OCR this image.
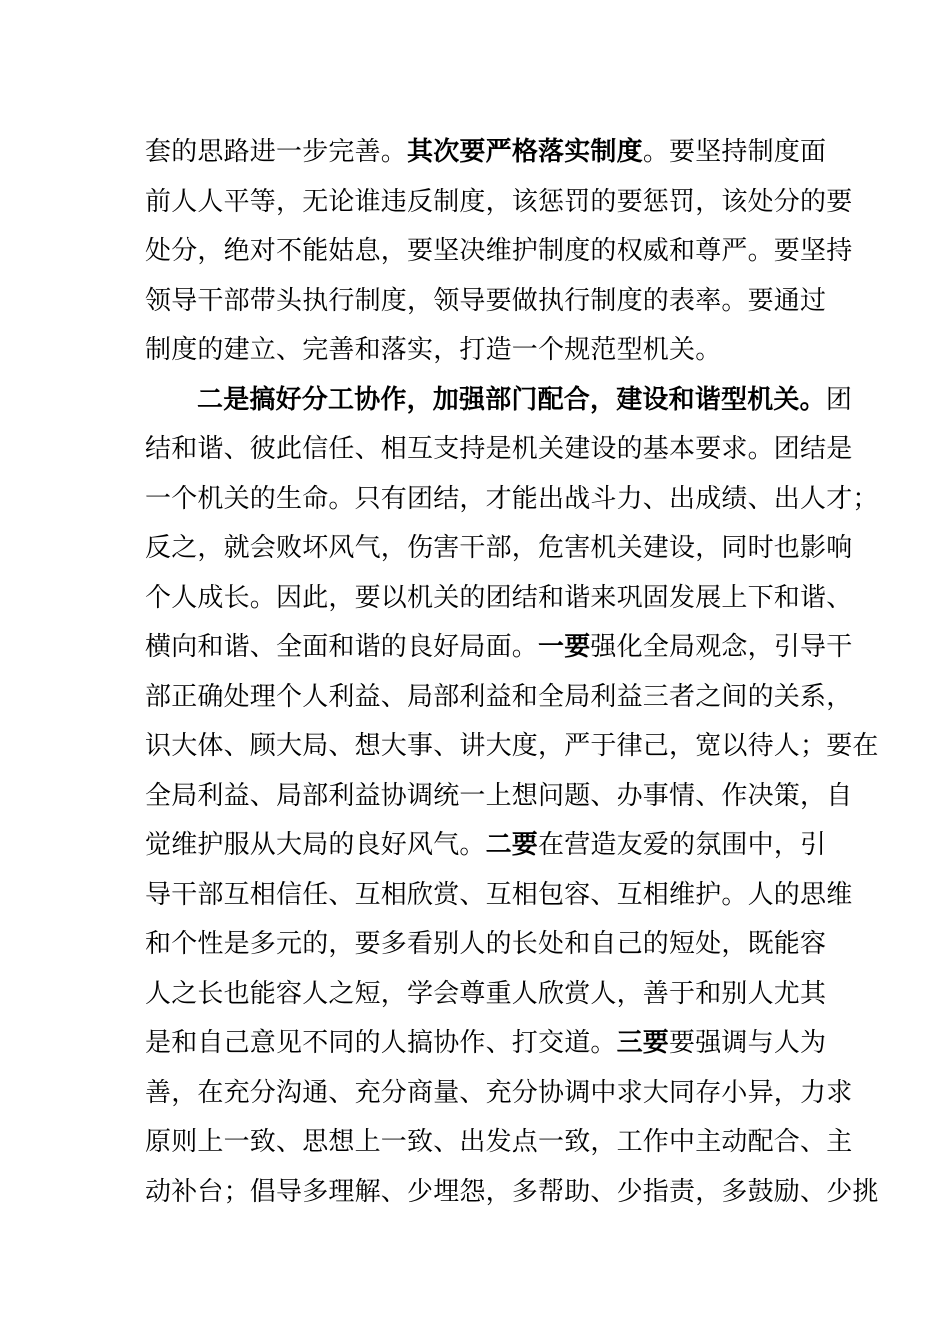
套的思路进一步完善。其次要严格落实制度。要坚持制度面
前人人平等，无论谁违反制度，该惩罚的要惩罚，该处分的要
处分，绝对不能姑息，要坚决维护制度的权威和尊严。要坚持
领导干部带头执行制度，领导要做执行制度的表率。要通过
制度的建立、完善和落实，打造一个规范型机关。
二是搞好分工协作，加强部门配合，建设和谐型机关。团
结和谐、彼此信任、相互支持是机关建设的基本要求。团结是
一个机关的生命。只有团结，才能出战斗力、出成绩、出人才；
反之，就会败坏风气，伤害干部，危害机关建设，同时也影响
个人成长。因此，要以机关的团结和谐来巩固发展上下和谐、
横向和谐、全面和谐的良好局面。一要强化全局观念，引导干
部正确处理个人利益、局部利益和全局利益三者之间的关系，
识大体、顾大局、想大事、讲大度，严于律己，宽以待人；要在
全局利益、局部利益协调统一上想问题、办事情、作决策，自
觉维护服从大局的良好风气。二要在营造友爱的氛围中，引
导干部互相信任、互相欣赏、互相包容、互相维护。人的思维
和个性是多元的，要多看别人的长处和自己的短处，既能容
人之长也能容人之短，学会尊重人欣赏人，善于和别人尤其
是和自己意见不同的人搞协作、打交道。三要要强调与人为
善，在充分沟通、充分商量、充分协调中求大同存小异，力求
原则上一致、思想上一致、出发点一致，工作中主动配合、主
动补台；倡导多理解、少埋怨，多帮助、少指责，多鼓励、少挑
